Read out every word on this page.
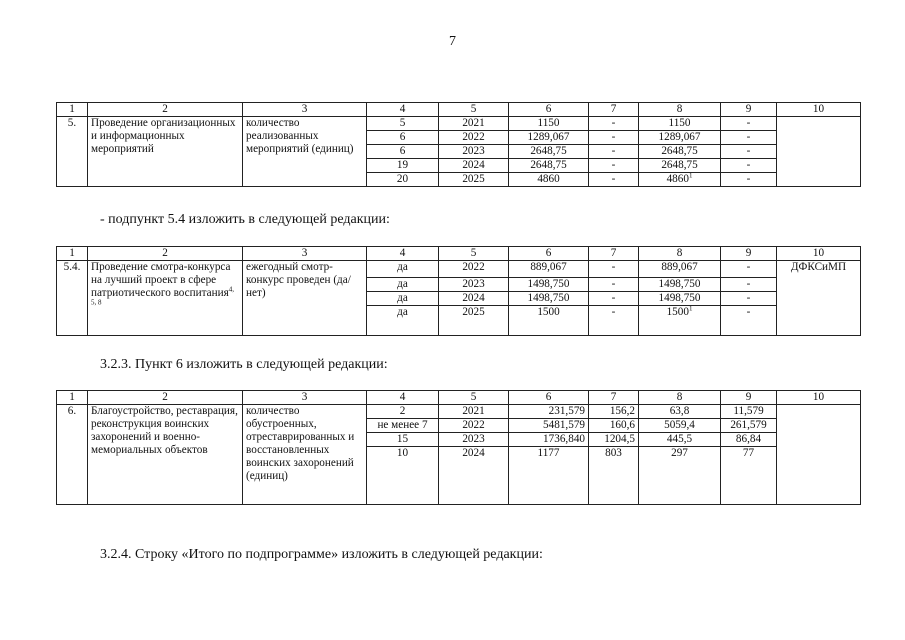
7
1	2	3	4	5	6	7	8	9	10
5.	Проведение организационных и информационных мероприятий	количество реализованных мероприятий (единиц)	5	2021	1150	-	1150	-	
			6	2022	1289,067	-	1289,067	-	
			6	2023	2648,75	-	2648,75	-	
			19	2024	2648,75	-	2648,75	-	
			20	2025	4860	-	4860$^1$	-	
- подпункт 5.4 изложить в следующей редакции:
1	2	3	4	5	6	7	8	9	10
5.4.	Проведение смотра-конкурса на лучший проект в сфере патриотического воспитания$^{4, 5, 8}$	ежегодный смотр-конкурс проведен (да/нет)	да	2022	889,067	-	889,067	-	ДФКСиМП
			да	2023	1498,750	-	1498,750	-	
			да	2024	1498,750	-	1498,750	-	
			да	2025	1500	-	1500$^1$	-	
3.2.3. Пункт 6 изложить в следующей редакции:
1	2	3	4	5	6	7	8	9	10
6.	Благоустройство, реставрация, реконструкция воинских захоронений и военно-мемориальных объектов	количество обустроенных, отреставрированных и восстановленных воинских захоронений (единиц)	2	2021	231,579	156,2	63,8	11,579	
			не менее 7	2022	5481,579	160,6	5059,4	261,579	
			15	2023	1736,840	1204,5	445,5	86,84	
			10	2024	1177	803	297	77	
3.2.4. Строку «Итого по подпрограмме» изложить в следующей редакции:
